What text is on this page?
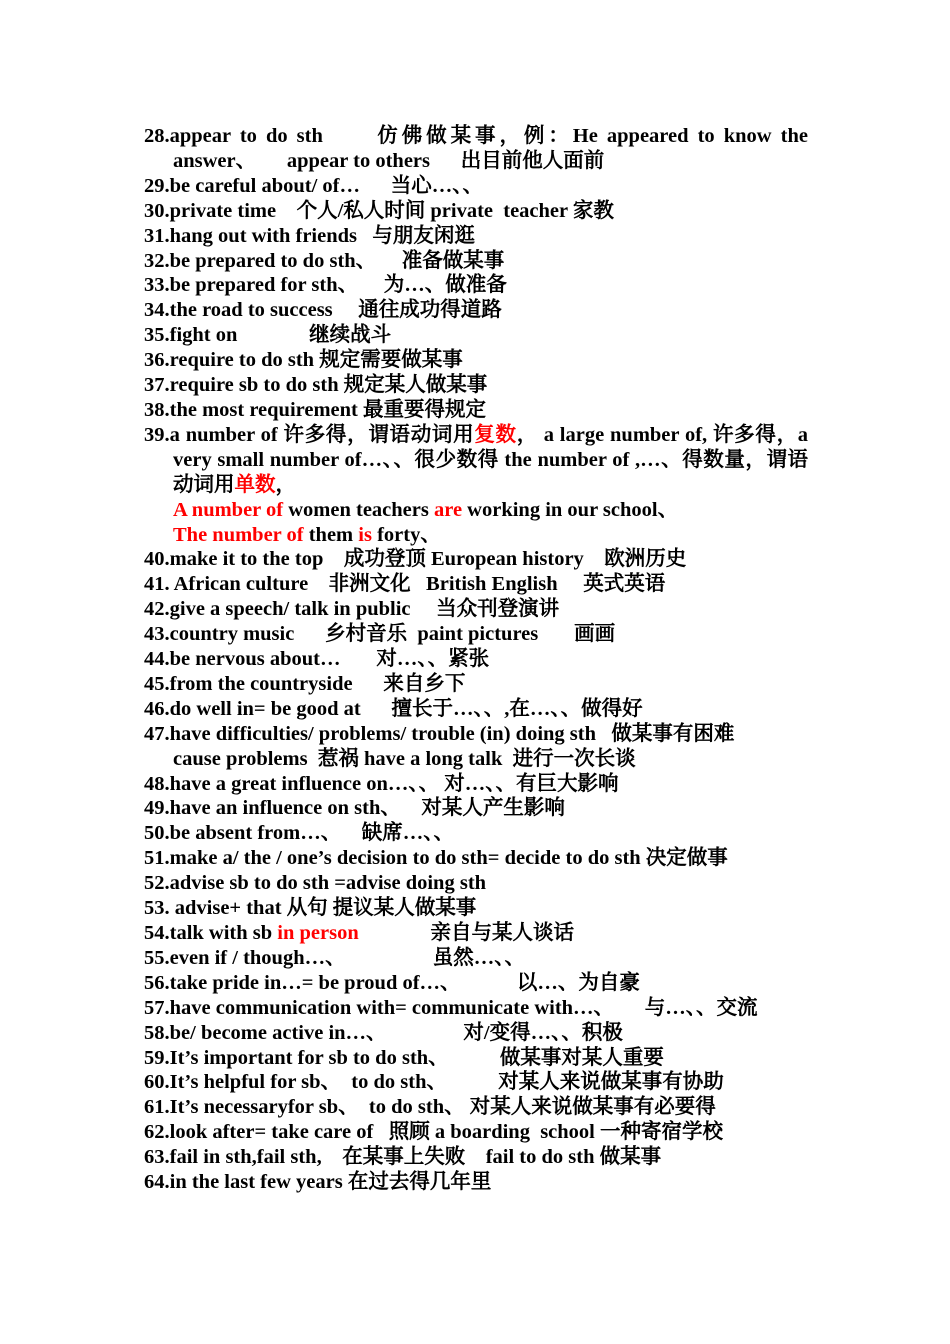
28.appear to do sth      仿佛做某事，例：He appeared to know the answer、      appear to others      出目前他人面前
29.be careful about/ of…      当心…、、
30.private time    个人/私人时间 private  teacher 家教
31.hang out with friends   与朋友闲逛
32.be prepared to do sth、     准备做某事
33.be prepared for sth、     为…、做准备
34.the road to success     通往成功得道路
35.fight on              继续战斗
36.require to do sth 规定需要做某事
37.require sb to do sth 规定某人做某事
38.the most requirement 最重要得规定
39.a number of 许多得，谓语动词用复数， a large number of, 许多得，a very small number of…、、很少数得 the number of ,…、得数量，谓语动词用单数，
A number of women teachers are working in our school、
The number of them is forty、
40.make it to the top    成功登顶 European history    欧洲历史
41. African culture    非洲文化   British English     英式英语
42.give a speech/ talk in public     当众刊登演讲
43.country music      乡村音乐  paint pictures       画画
44.be nervous about…       对…、、紧张
45.from the countryside      来自乡下
46.do well in= be good at      擅长于…、、,在…、、做得好
47.have difficulties/ problems/ trouble (in) doing sth   做某事有困难
cause problems  惹祸 have a long talk  进行一次长谈
48.have a great influence on…、、 对…、、有巨大影响
49.have an influence on sth、    对某人产生影响
50.be absent from…、    缺席…、、
51.make a/ the / one’s decision to do sth= decide to do sth 决定做事
52.advise sb to do sth =advise doing sth
53. advise+ that 从句 提议某人做某事
54.talk with sb in person              亲自与某人谈话
55.even if / though…、                 虽然…、、
56.take pride in…= be proud of…、           以…、为自豪
57.have communication with= communicate with…、      与…、、交流
58.be/ become active in…、               对/变得…、、积极
59.It’s important for sb to do sth、          做某事对某人重要
60.It’s helpful for sb、  to do sth、          对某人来说做某事有协助
61.It’s necessaryfor sb、  to do sth、 对某人来说做某事有必要得
62.look after= take care of   照顾 a boarding  school 一种寄宿学校
63.fail in sth,fail sth,    在某事上失败    fail to do sth 做某事
64.in the last few years 在过去得几年里
